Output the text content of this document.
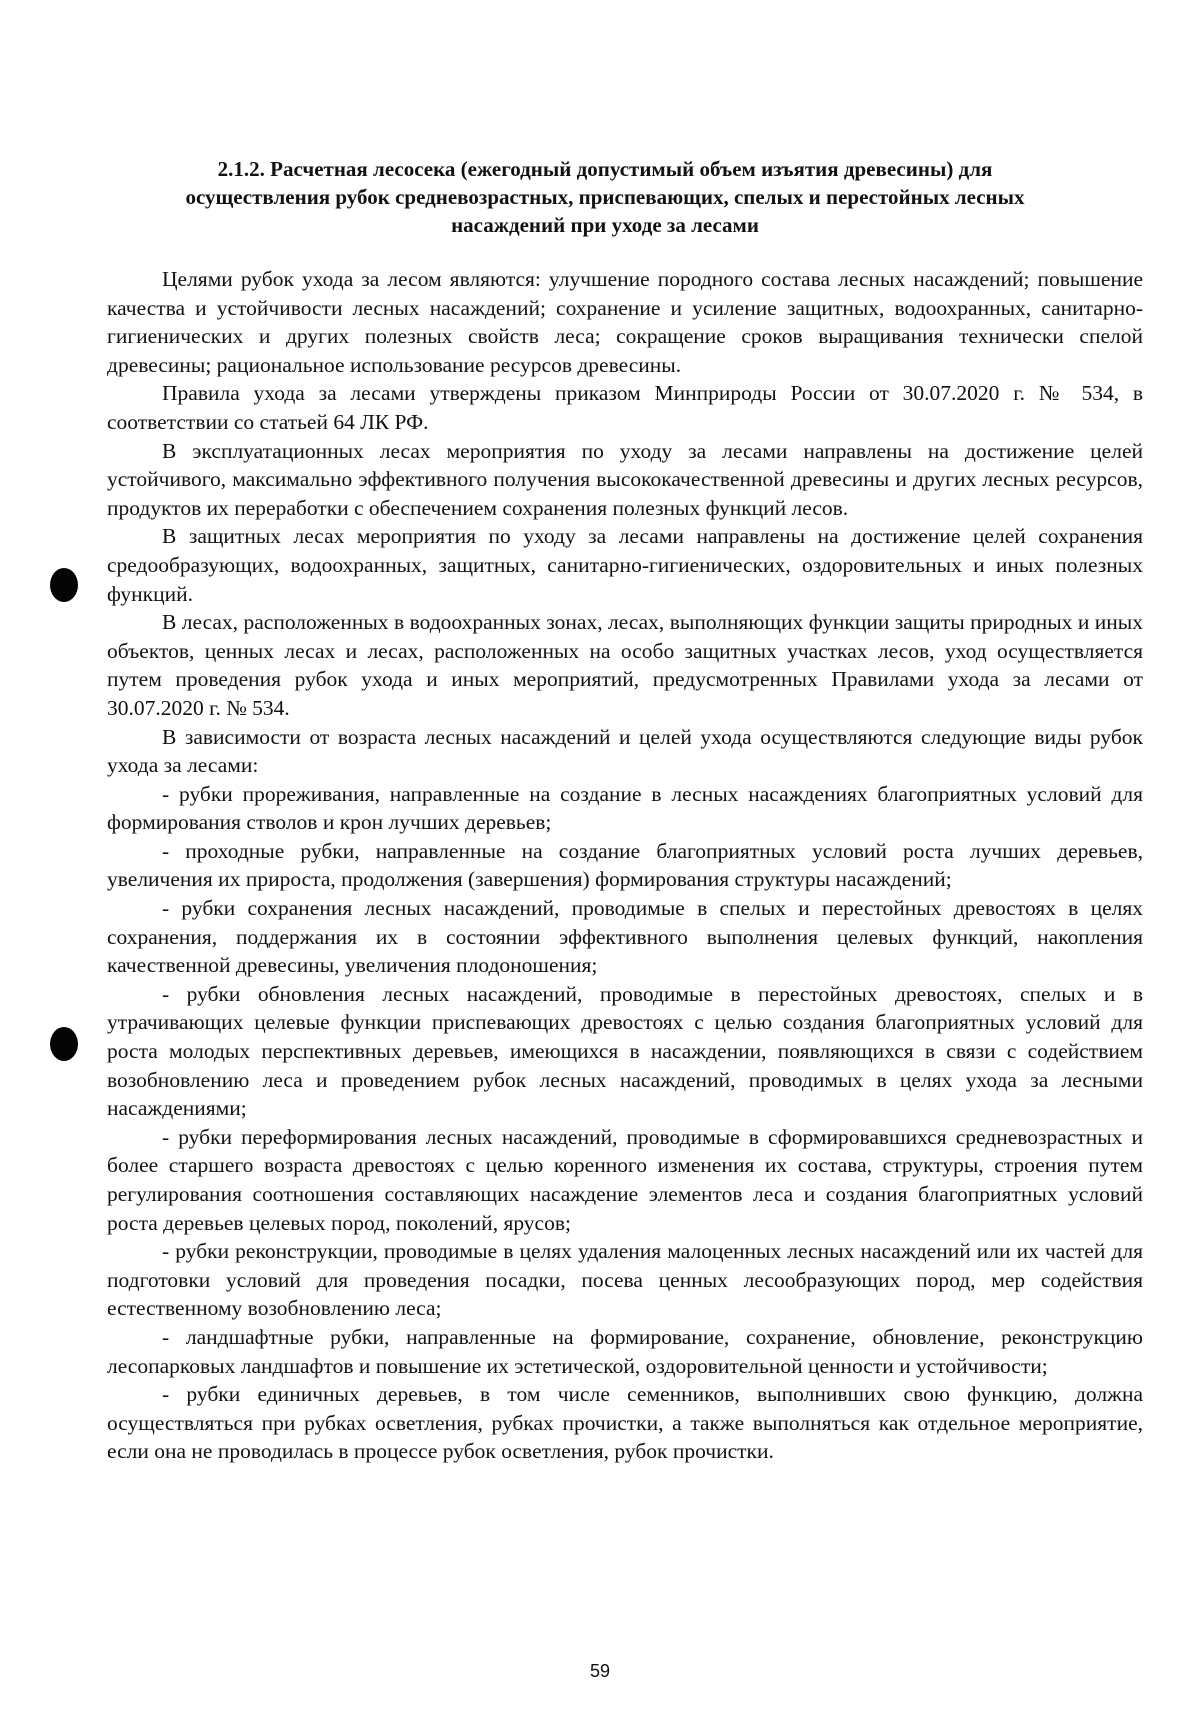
2.1.2. Расчетная лесосека (ежегодный допустимый объем изъятия древесины) для
осуществления рубок средневозрастных, приспевающих, спелых и перестойных лесных
насаждений при уходе за лесами

Целями рубок ухода за лесом являются: улучшение породного состава лесных насаждений; повышение качества и устойчивости лесных насаждений; сохранение и усиление защитных, водоохранных, санитарно-гигиенических и других полезных свойств леса; сокращение сроков выращивания технически спелой древесины; рациональное использование ресурсов древесины.

Правила ухода за лесами утверждены приказом Минприроды России от 30.07.2020 г. № 534, в соответствии со статьей 64 ЛК РФ.

В эксплуатационных лесах мероприятия по уходу за лесами направлены на достижение целей устойчивого, максимально эффективного получения высококачественной древесины и других лесных ресурсов, продуктов их переработки с обеспечением сохранения полезных функций лесов.

В защитных лесах мероприятия по уходу за лесами направлены на достижение целей сохранения средообразующих, водоохранных, защитных, санитарно-гигиенических, оздоровительных и иных полезных функций.

В лесах, расположенных в водоохранных зонах, лесах, выполняющих функции защиты природных и иных объектов, ценных лесах и лесах, расположенных на особо защитных участках лесов, уход осуществляется путем проведения рубок ухода и иных мероприятий, предусмотренных Правилами ухода за лесами от 30.07.2020 г. № 534.

В зависимости от возраста лесных насаждений и целей ухода осуществляются следующие виды рубок ухода за лесами:

- рубки прореживания, направленные на создание в лесных насаждениях благоприятных условий для формирования стволов и крон лучших деревьев;

- проходные рубки, направленные на создание благоприятных условий роста лучших деревьев, увеличения их прироста, продолжения (завершения) формирования структуры насаждений;

- рубки сохранения лесных насаждений, проводимые в спелых и перестойных древостоях в целях сохранения, поддержания их в состоянии эффективного выполнения целевых функций, накопления качественной древесины, увеличения плодоношения;

- рубки обновления лесных насаждений, проводимые в перестойных древостоях, спелых и в утрачивающих целевые функции приспевающих древостоях с целью создания благоприятных условий для роста молодых перспективных деревьев, имеющихся в насаждении, появляющихся в связи с содействием возобновлению леса и проведением рубок лесных насаждений, проводимых в целях ухода за лесными насаждениями;

- рубки переформирования лесных насаждений, проводимые в сформировавшихся средневозрастных и более старшего возраста древостоях с целью коренного изменения их состава, структуры, строения путем регулирования соотношения составляющих насаждение элементов леса и создания благоприятных условий роста деревьев целевых пород, поколений, ярусов;

- рубки реконструкции, проводимые в целях удаления малоценных лесных насаждений или их частей для подготовки условий для проведения посадки, посева ценных лесообразующих пород, мер содействия естественному возобновлению леса;

- ландшафтные рубки, направленные на формирование, сохранение, обновление, реконструкцию лесопарковых ландшафтов и повышение их эстетической, оздоровительной ценности и устойчивости;

- рубки единичных деревьев, в том числе семенников, выполнивших свою функцию, должна осуществляться при рубках осветления, рубках прочистки, а также выполняться как отдельное мероприятие, если она не проводилась в процессе рубок осветления, рубок прочистки.

59
